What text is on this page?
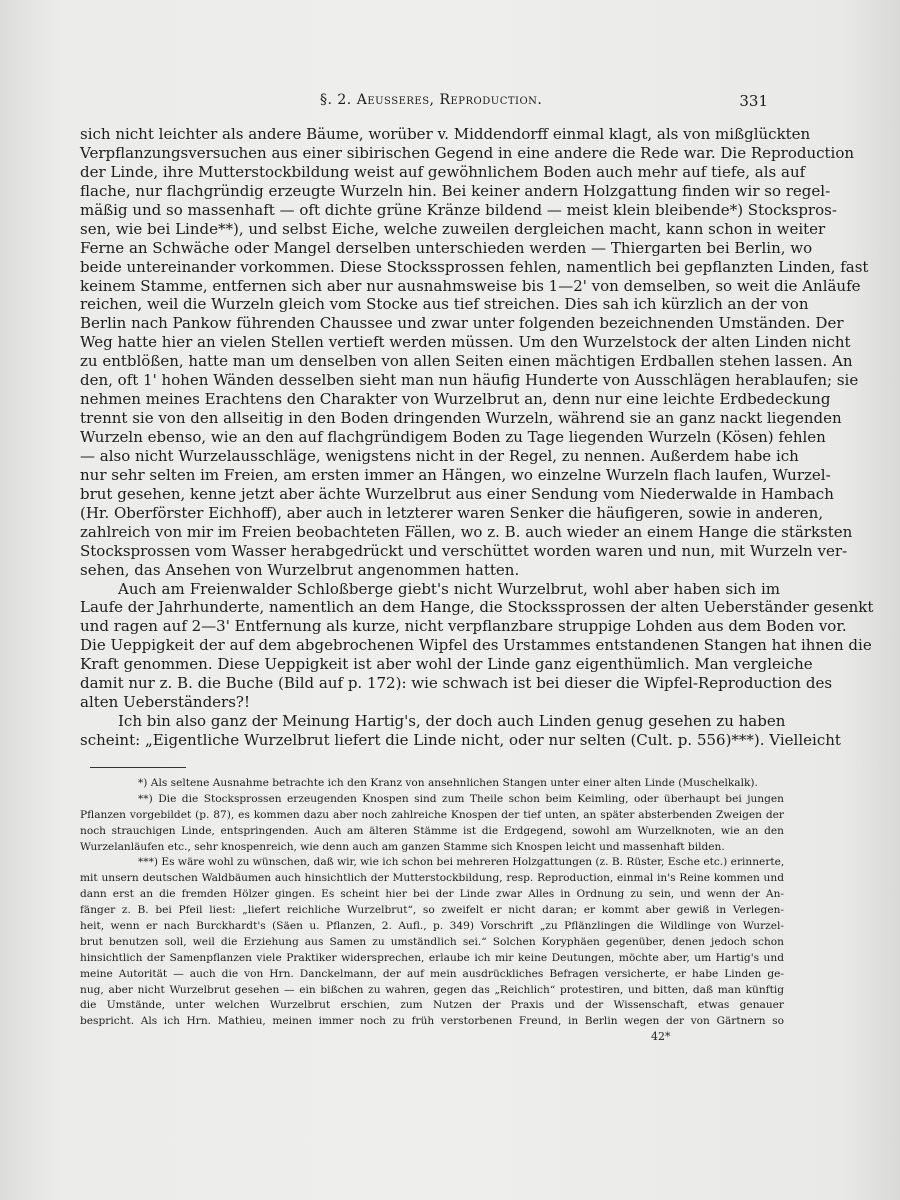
§. 2. Aeusseres, Reproduction.	331
sich nicht leichter als andere Bäume, worüber v. Middendorff einmal klagt, als von mißglückten
Verpflanzungsversuchen aus einer sibirischen Gegend in eine andere die Rede war. Die Reproduction
der Linde, ihre Mutterstockbildung weist auf gewöhnlichem Boden auch mehr auf tiefe, als auf
flache, nur flachgründig erzeugte Wurzeln hin. Bei keiner andern Holzgattung finden wir so regel-
mäßig und so massenhaft — oft dichte grüne Kränze bildend — meist klein bleibende*) Stockspros-
sen, wie bei Linde**), und selbst Eiche, welche zuweilen dergleichen macht, kann schon in weiter
Ferne an Schwäche oder Mangel derselben unterschieden werden — Thiergarten bei Berlin, wo
beide untereinander vorkommen. Diese Stockssprossen fehlen, namentlich bei gepflanzten Linden, fast
keinem Stamme, entfernen sich aber nur ausnahmsweise bis 1—2' von demselben, so weit die Anläufe
reichen, weil die Wurzeln gleich vom Stocke aus tief streichen. Dies sah ich kürzlich an der von
Berlin nach Pankow führenden Chaussee und zwar unter folgenden bezeichnenden Umständen. Der
Weg hatte hier an vielen Stellen vertieft werden müssen. Um den Wurzelstock der alten Linden nicht
zu entblößen, hatte man um denselben von allen Seiten einen mächtigen Erdballen stehen lassen. An
den, oft 1' hohen Wänden desselben sieht man nun häufig Hunderte von Ausschlägen herablaufen; sie
nehmen meines Erachtens den Charakter von Wurzelbrut an, denn nur eine leichte Erdbedeckung
trennt sie von den allseitig in den Boden dringenden Wurzeln, während sie an ganz nackt liegenden
Wurzeln ebenso, wie an den auf flachgründigem Boden zu Tage liegenden Wurzeln (Kösen) fehlen
— also nicht Wurzelausschläge, wenigstens nicht in der Regel, zu nennen. Außerdem habe ich
nur sehr selten im Freien, am ersten immer an Hängen, wo einzelne Wurzeln flach laufen, Wurzel-
brut gesehen, kenne jetzt aber ächte Wurzelbrut aus einer Sendung vom Niederwalde in Hambach
(Hr. Oberförster Eichhoff), aber auch in letzterer waren Senker die häufigeren, sowie in anderen,
zahlreich von mir im Freien beobachteten Fällen, wo z. B. auch wieder an einem Hange die stärksten
Stocksprossen vom Wasser herabgedrückt und verschüttet worden waren und nun, mit Wurzeln ver-
sehen, das Ansehen von Wurzelbrut angenommen hatten.
Auch am Freienwalder Schloßberge giebt's nicht Wurzelbrut, wohl aber haben sich im
Laufe der Jahrhunderte, namentlich an dem Hange, die Stockssprossen der alten Ueberständer gesenkt
und ragen auf 2—3' Entfernung als kurze, nicht verpflanzbare struppige Lohden aus dem Boden vor.
Die Ueppigkeit der auf dem abgebrochenen Wipfel des Urstammes entstandenen Stangen hat ihnen die
Kraft genommen. Diese Ueppigkeit ist aber wohl der Linde ganz eigenthümlich. Man vergleiche
damit nur z. B. die Buche (Bild auf p. 172): wie schwach ist bei dieser die Wipfel-Reproduction des
alten Ueberständers?!
Ich bin also ganz der Meinung Hartig's, der doch auch Linden genug gesehen zu haben
scheint: „Eigentliche Wurzelbrut liefert die Linde nicht, oder nur selten (Cult. p. 556)***). Vielleicht
*) Als seltene Ausnahme betrachte ich den Kranz von ansehnlichen Stangen unter einer alten Linde (Muschelkalk).
**) Die die Stocksprossen erzeugenden Knospen sind zum Theile schon beim Keimling, oder überhaupt bei jungen
Pflanzen vorgebildet (p. 87), es kommen dazu aber noch zahlreiche Knospen der tief unten, an später absterbenden Zweigen der
noch strauchigen Linde, entspringenden. Auch am älteren Stämme ist die Erdgegend, sowohl am Wurzelknoten, wie an den
Wurzelanläufen etc., sehr knospenreich, wie denn auch am ganzen Stamme sich Knospen leicht und massenhaft bilden.
***) Es wäre wohl zu wünschen, daß wir, wie ich schon bei mehreren Holzgattungen (z. B. Rüster, Esche etc.) erinnerte,
mit unsern deutschen Waldbäumen auch hinsichtlich der Mutterstockbildung, resp. Reproduction, einmal in's Reine kommen und
dann erst an die fremden Hölzer gingen. Es scheint hier bei der Linde zwar Alles in Ordnung zu sein, und wenn der An-
fänger z. B. bei Pfeil liest: „liefert reichliche Wurzelbrut“, so zweifelt er nicht daran; er kommt aber gewiß in Verlegen-
heit, wenn er nach Burckhardt's (Säen u. Pflanzen, 2. Aufl., p. 349) Vorschrift „zu Pflänzlingen die Wildlinge von Wurzel-
brut benutzen soll, weil die Erziehung aus Samen zu umständlich sei.“ Solchen Koryphäen gegenüber, denen jedoch schon
hinsichtlich der Samenpflanzen viele Praktiker widersprechen, erlaube ich mir keine Deutungen, möchte aber, um Hartig's und
meine Autorität — auch die von Hrn. Danckelmann, der auf mein ausdrückliches Befragen versicherte, er habe Linden ge-
nug, aber nicht Wurzelbrut gesehen — ein bißchen zu wahren, gegen das „Reichlich“ protestiren, und bitten, daß man künftig
die Umstände, unter welchen Wurzelbrut erschien, zum Nutzen der Praxis und der Wissenschaft, etwas genauer
bespricht. Als ich Hrn. Mathieu, meinen immer noch zu früh verstorbenen Freund, in Berlin wegen der von Gärtnern so
42*
